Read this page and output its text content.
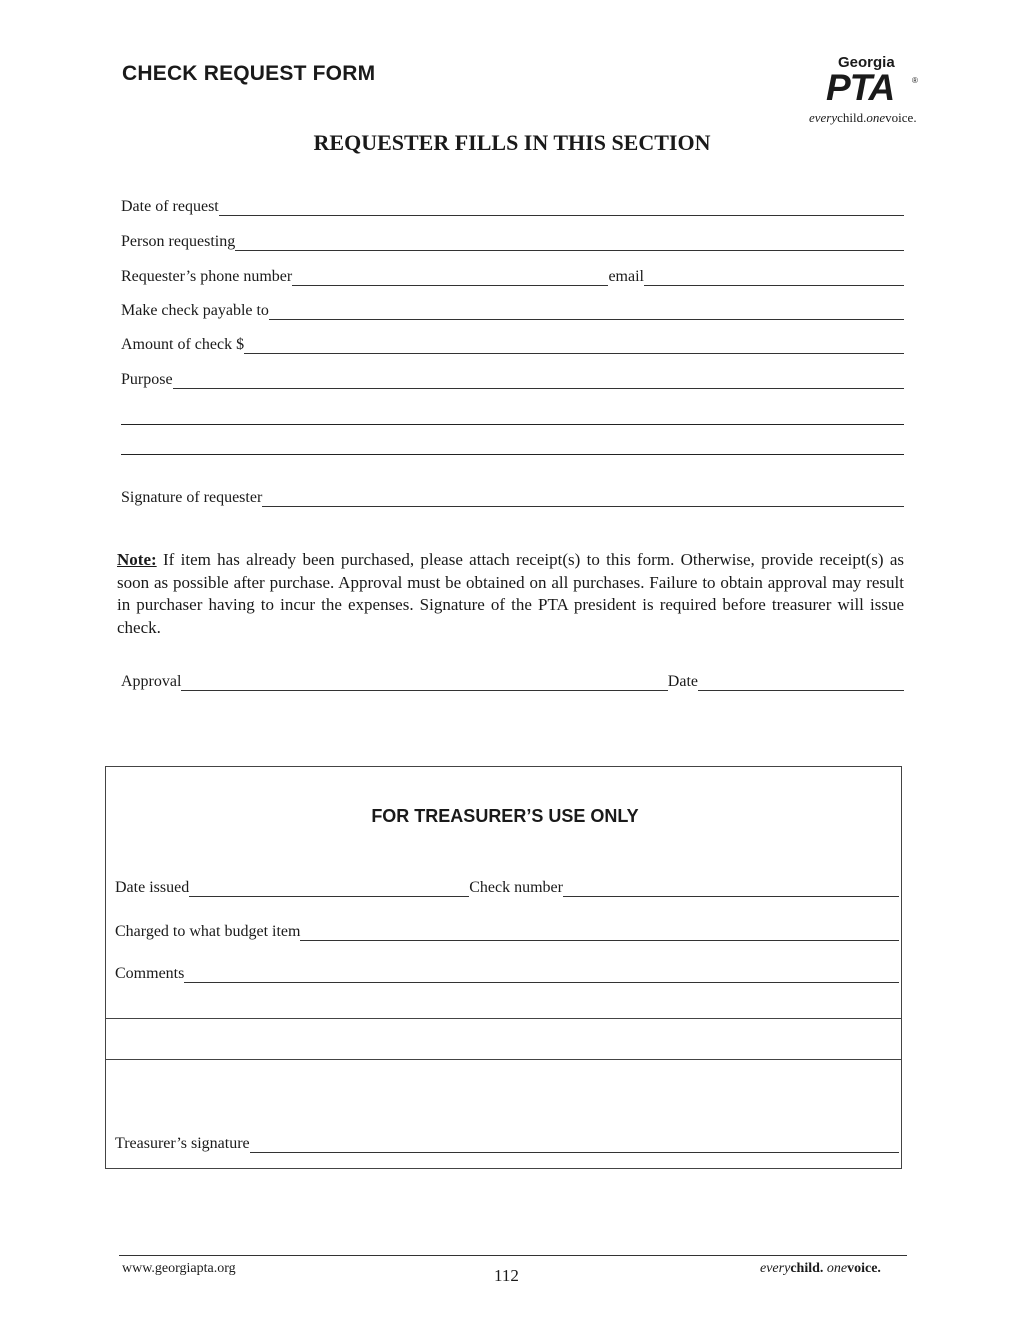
CHECK REQUEST FORM	Georgia
PTA ®
everychild.onevoice.
REQUESTER FILLS IN THIS SECTION
Date of request
Person requesting
Requester’s phone number	email
Make check payable to
Amount of check $
Purpose
Signature of requester
Note: If item has already been purchased, please attach receipt(s) to this form. Otherwise, provide receipt(s) as soon as possible after purchase. Approval must be obtained on all purchases. Failure to obtain approval may result in purchaser having to incur the expenses. Signature of the PTA president is required before treasurer will issue check.
Approval	Date
FOR TREASURER’S USE ONLY
Date issued	Check number
Charged to what budget item
Comments
Treasurer’s signature
www.georgiapta.org	112	everychild. onevoice.
